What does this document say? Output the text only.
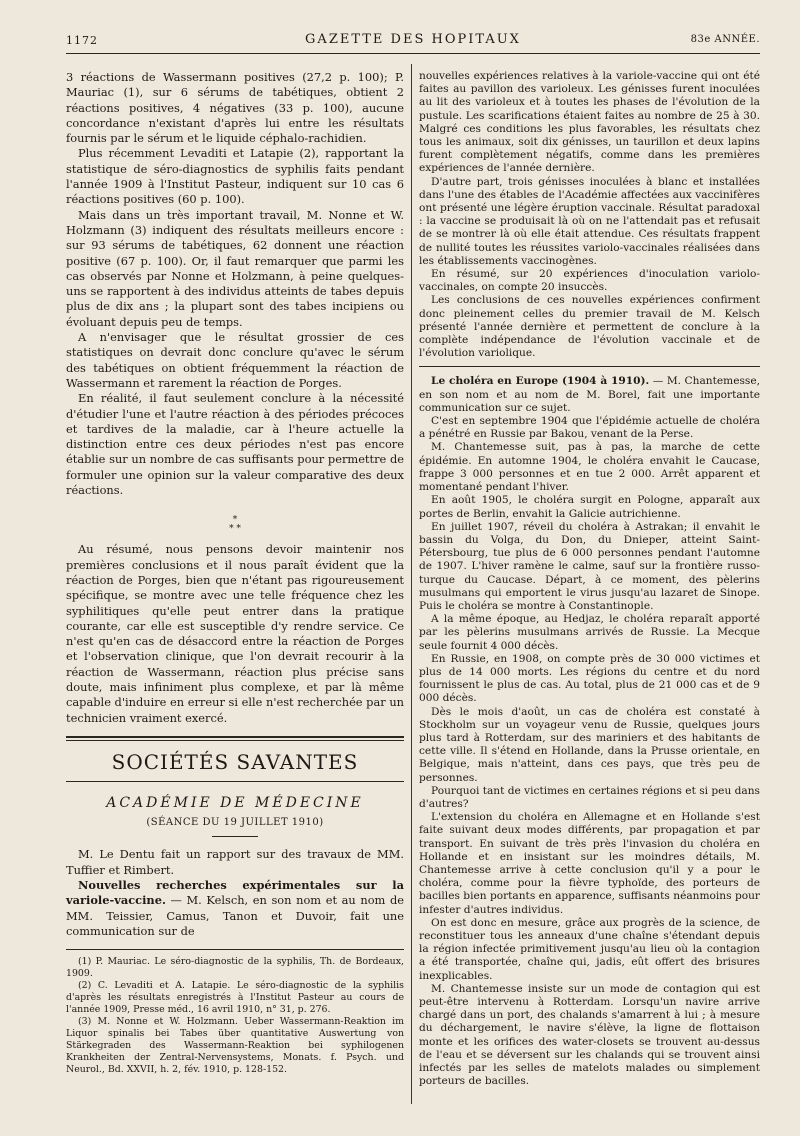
1172	GAZETTE DES HOPITAUX	83e ANNÉE.

3 réactions de Wassermann positives (27,2 p. 100); P. Mauriac (1), sur 6 sérums de tabétiques, obtient 2 réactions positives, 4 négatives (33 p. 100), aucune concordance n'existant d'après lui entre les résultats fournis par le sérum et le liquide céphalo-rachidien.

Plus récemment Levaditi et Latapie (2), rapportant la statistique de séro-diagnostics de syphilis faits pendant l'année 1909 à l'Institut Pasteur, indiquent sur 10 cas 6 réactions positives (60 p. 100).

Mais dans un très important travail, M. Nonne et W. Holzmann (3) indiquent des résultats meilleurs encore : sur 93 sérums de tabétiques, 62 donnent une réaction positive (67 p. 100). Or, il faut remarquer que parmi les cas observés par Nonne et Holzmann, à peine quelques-uns se rapportent à des individus atteints de tabes depuis plus de dix ans ; la plupart sont des tabes incipiens ou évoluant depuis peu de temps.

A n'envisager que le résultat grossier de ces statistiques on devrait donc conclure qu'avec le sérum des tabétiques on obtient fréquemment la réaction de Wassermann et rarement la réaction de Porges.

En réalité, il faut seulement conclure à la nécessité d'étudier l'une et l'autre réaction à des périodes précoces et tardives de la maladie, car à l'heure actuelle la distinction entre ces deux périodes n'est pas encore établie sur un nombre de cas suffisants pour permettre de formuler une opinion sur la valeur comparative des deux réactions.

*
* *

Au résumé, nous pensons devoir maintenir nos premières conclusions et il nous paraît évident que la réaction de Porges, bien que n'étant pas rigoureusement spécifique, se montre avec une telle fréquence chez les syphilitiques qu'elle peut entrer dans la pratique courante, car elle est susceptible d'y rendre service. Ce n'est qu'en cas de désaccord entre la réaction de Porges et l'observation clinique, que l'on devrait recourir à la réaction de Wassermann, réaction plus précise sans doute, mais infiniment plus complexe, et par là même capable d'induire en erreur si elle n'est recherchée par un technicien vraiment exercé.

SOCIÉTÉS SAVANTES
ACADÉMIE DE MÉDECINE
(SÉANCE DU 19 JUILLET 1910)

M. Le Dentu fait un rapport sur des travaux de MM. Tuffier et Rimbert.

Nouvelles recherches expérimentales sur la variole-vaccine. — M. Kelsch, en son nom et au nom de MM. Teissier, Camus, Tanon et Duvoir, fait une communication sur de

(1) P. Mauriac. Le séro-diagnostic de la syphilis, Th. de Bordeaux, 1909.

(2) C. Levaditi et A. Latapie. Le séro-diagnostic de la syphilis d'après les résultats enregistrés à l'Institut Pasteur au cours de l'année 1909, Presse méd., 16 avril 1910, n° 31, p. 276.

(3) M. Nonne et W. Holzmann. Ueber Wassermann-Reaktion im Liquor spinalis bei Tabes über quantitative Auswertung von Stärkegraden des Wassermann-Reaktion bei syphilogenen Krankheiten der Zentral-Nervensystems, Monats. f. Psych. und Neurol., Bd. XXVII, h. 2, fév. 1910, p. 128-152.

nouvelles expériences relatives à la variole-vaccine qui ont été faites au pavillon des varioleux. Les génisses furent inoculées au lit des varioleux et à toutes les phases de l'évolution de la pustule. Les scarifications étaient faites au nombre de 25 à 30. Malgré ces conditions les plus favorables, les résultats chez tous les animaux, soit dix génisses, un taurillon et deux lapins furent complètement négatifs, comme dans les premières expériences de l'année dernière.

D'autre part, trois génisses inoculées à blanc et installées dans l'une des étables de l'Académie affectées aux vaccinifères ont présenté une légère éruption vaccinale. Résultat paradoxal : la vaccine se produisait là où on ne l'attendait pas et refusait de se montrer là où elle était attendue. Ces résultats frappent de nullité toutes les réussites variolo-vaccinales réalisées dans les établissements vaccinogènes.

En résumé, sur 20 expériences d'inoculation variolo-vaccinales, on compte 20 insuccès.

Les conclusions de ces nouvelles expériences confirment donc pleinement celles du premier travail de M. Kelsch présenté l'année dernière et permettent de conclure à la complète indépendance de l'évolution vaccinale et de l'évolution variolique.

Le choléra en Europe (1904 à 1910). — M. Chantemesse, en son nom et au nom de M. Borel, fait une importante communication sur ce sujet.

C'est en septembre 1904 que l'épidémie actuelle de choléra a pénétré en Russie par Bakou, venant de la Perse.

M. Chantemesse suit, pas à pas, la marche de cette épidémie. En automne 1904, le choléra envahit le Caucase, frappe 3 000 personnes et en tue 2 000. Arrêt apparent et momentané pendant l'hiver.

En août 1905, le choléra surgit en Pologne, apparaît aux portes de Berlin, envahit la Galicie autrichienne.

En juillet 1907, réveil du choléra à Astrakan; il envahit le bassin du Volga, du Don, du Dnieper, atteint Saint-Pétersbourg, tue plus de 6 000 personnes pendant l'automne de 1907. L'hiver ramène le calme, sauf sur la frontière russo-turque du Caucase. Départ, à ce moment, des pèlerins musulmans qui emportent le virus jusqu'au lazaret de Sinope. Puis le choléra se montre à Constantinople.

A la même époque, au Hedjaz, le choléra reparaît apporté par les pèlerins musulmans arrivés de Russie. La Mecque seule fournit 4 000 décès.

En Russie, en 1908, on compte près de 30 000 victimes et plus de 14 000 morts. Les régions du centre et du nord fournissent le plus de cas. Au total, plus de 21 000 cas et de 9 000 décès.

Dès le mois d'août, un cas de choléra est constaté à Stockholm sur un voyageur venu de Russie, quelques jours plus tard à Rotterdam, sur des mariniers et des habitants de cette ville. Il s'étend en Hollande, dans la Prusse orientale, en Belgique, mais n'atteint, dans ces pays, que très peu de personnes.

Pourquoi tant de victimes en certaines régions et si peu dans d'autres?

L'extension du choléra en Allemagne et en Hollande s'est faite suivant deux modes différents, par propagation et par transport. En suivant de très près l'invasion du choléra en Hollande et en insistant sur les moindres détails, M. Chantemesse arrive à cette conclusion qu'il y a pour le choléra, comme pour la fièvre typhoïde, des porteurs de bacilles bien portants en apparence, suffisants néanmoins pour infester d'autres individus.

On est donc en mesure, grâce aux progrès de la science, de reconstituer tous les anneaux d'une chaîne s'étendant depuis la région infectée primitivement jusqu'au lieu où la contagion a été transportée, chaîne qui, jadis, eût offert des brisures inexplicables.

M. Chantemesse insiste sur un mode de contagion qui est peut-être intervenu à Rotterdam. Lorsqu'un navire arrive chargé dans un port, des chalands s'amarrent à lui ; à mesure du déchargement, le navire s'élève, la ligne de flottaison monte et les orifices des water-closets se trouvent au-dessus de l'eau et se déversent sur les chalands qui se trouvent ainsi infectés par les selles de matelots malades ou simplement porteurs de bacilles.
